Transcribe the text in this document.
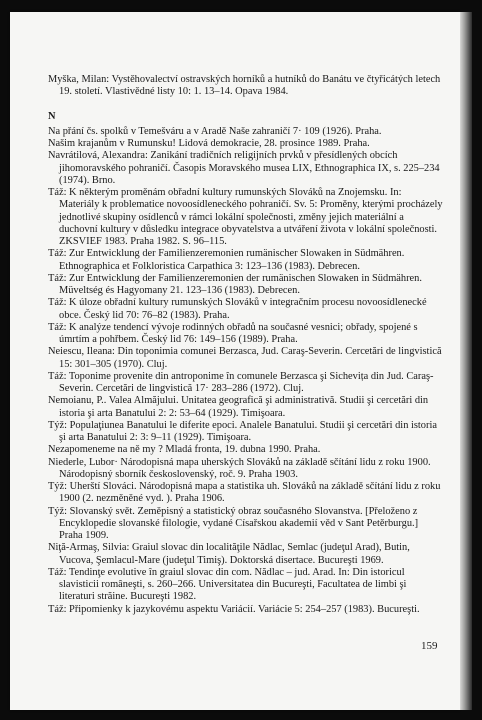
Myška, Milan: Vystěhovalectví ostravských horníků a hutníků do Banátu ve čtyřicátých letech 19. století. Vlastivědné listy 10: 1. 13–14. Opava 1984.

N

Na přání čs. spolků v Temešváru a v Aradě Naše zahraničí 7· 109 (1926). Praha.

Našim krajanům v Rumunsku! Lidová demokracie, 28. prosince 1989. Praha.

Navrátilová, Alexandra: Zanikání tradičních religijních prvků v přesídlených obcích jihomoravského pohraničí. Časopis Moravského musea LIX, Ethnographica IX, s. 225–234 (1974). Brno.

Táž: K některým proměnám obřadní kultury rumunských Slováků na Znojemsku. In: Materiály k problematice novoosídleneckého pohraničí. Sv. 5: Proměny, kterými procházely jednotlivé skupiny osídlenců v rámci lokální společnosti, změny jejich materiální a duchovní kultury v důsledku integrace obyvatelstva a utváření života v lokální společnosti. ZKSVIEF 1983. Praha 1982. S. 96–115.

Táž: Zur Entwicklung der Familienzeremonien rumänischer Slowaken in Südmähren. Ethnographica et Folkloristica Carpathica 3: 123–136 (1983). Debrecen.

Táž: Zur Entwicklung der Familienzeremonien der rumänischen Slowaken in Südmähren. Müveltség és Hagyomany 21. 123–136 (1983). Debrecen.

Táž: K úloze obřadní kultury rumunských Slováků v integračním procesu novoosídlenecké obce. Český lid 70: 76–82 (1983). Praha.

Táž: K analýze tendencí vývoje rodinných obřadů na současné vesnici; obřady, spojené s úmrtím a pohřbem. Český lid 76: 149–156 (1989). Praha.

Neiescu, Ileana: Din toponimia comunei Berzasca, Jud. Caraş-Severin. Cercetări de lingvistică 15: 301–305 (1970). Cluj.

Táž: Toponime provenite din antroponime în comunele Berzasca şi Sichevița din Jud. Caraş-Severin. Cercetări de lingvistică 17· 283–286 (1972). Cluj.

Nemoianu, P.. Valea Almăjului. Unitatea geografică şi administrativă. Studii şi cercetări din istoria şi arta Banatului 2: 2: 53–64 (1929). Timişoara.

Týž: Populaţiunea Banatului le diferite epoci. Analele Banatului. Studii şi cercetări din istoria şi arta Banatului 2: 3: 9–11 (1929). Timişoara.

Nezapomeneme na ně my ? Mladá fronta, 19. dubna 1990. Praha.

Niederle, Lubor· Národopisná mapa uherských Slováků na základě sčítání lidu z roku 1900. Národopisný sborník československý, roč. 9. Praha 1903.

Týž: Uherští Slováci. Národopisná mapa a statistika uh. Slováků na základě sčítání lidu z roku 1900 (2. nezměněné vyd. ). Praha 1906.

Týž: Slovanský svět. Zeměpisný a statistický obraz současného Slovanstva. [Přeloženo z Encyklopedie slovanské filologie, vydané Císařskou akademií věd v Sant Petěrburgu.] Praha 1909.

Niţă-Armaş, Silvia: Graiul slovac din localităţile Nădlac, Semlac (judeţul Arad), Butin, Vucova, Şemlacul-Mare (judeţul Timiş). Doktorská disertace. Bucureşti 1969.

Táž: Tendinţe evolutive în graiul slovac din com. Nădlac – jud. Arad. In: Din istoricul slavisticii româneşti, s. 260–266. Universitatea din Bucureşti, Facultatea de limbi şi literaturi străine. Bucureşti 1982.

Táž: Připomienky k jazykovému aspektu Variácií. Variácie 5: 254–257 (1983). Bucureşti.

159
